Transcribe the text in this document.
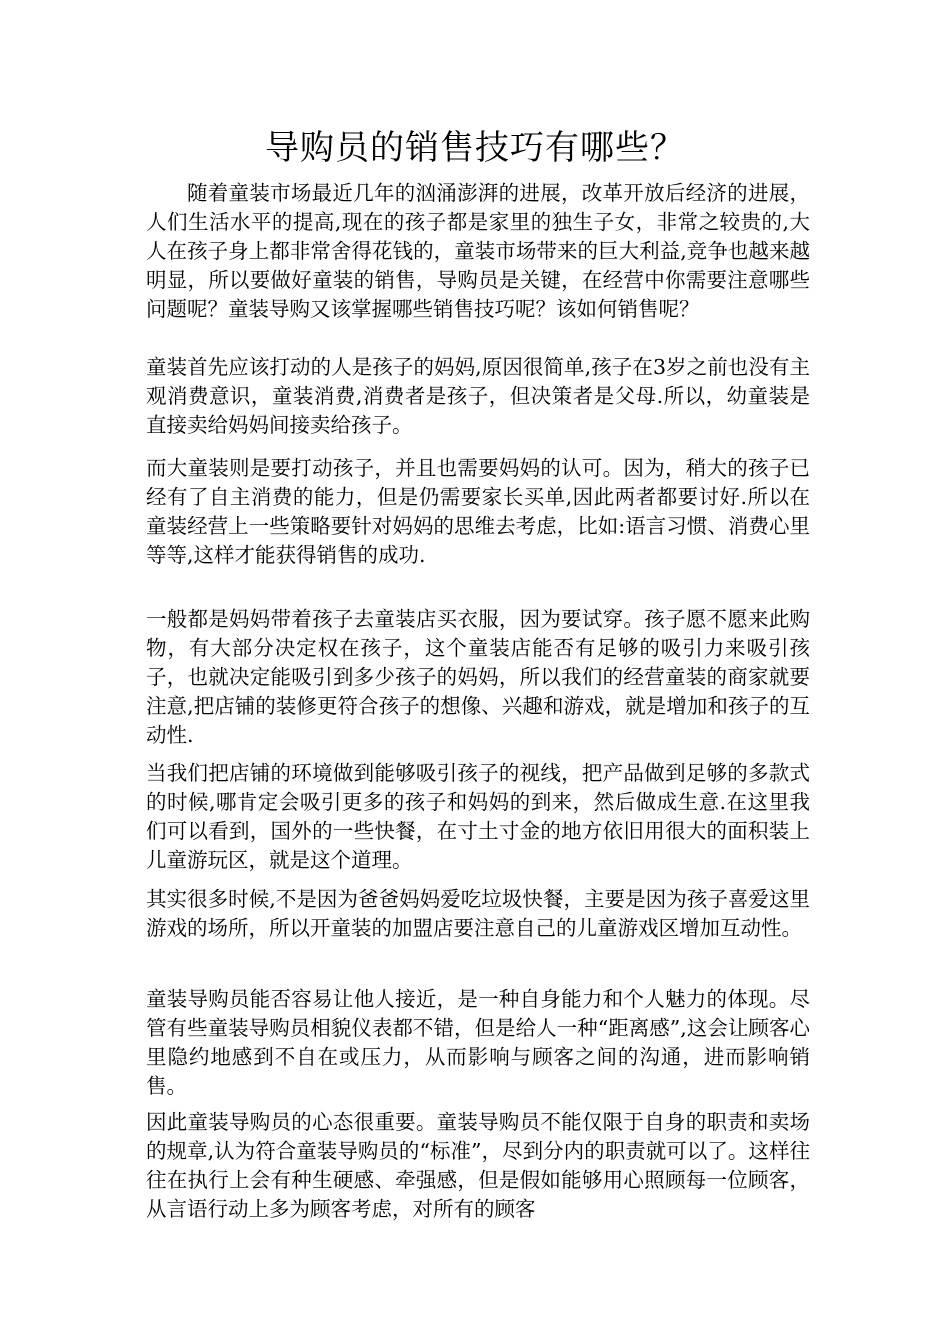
导购员的销售技巧有哪些？

随着童装市场最近几年的汹涌澎湃的进展，改革开放后经济的进展，人们生活水平的提高,现在的孩子都是家里的独生子女，非常之较贵的,大人在孩子身上都非常舍得花钱的，童装市场带来的巨大利益,竞争也越来越明显，所以要做好童装的销售，导购员是关键，在经营中你需要注意哪些问题呢？童装导购又该掌握哪些销售技巧呢？该如何销售呢？

童装首先应该打动的人是孩子的妈妈,原因很简单,孩子在3岁之前也没有主观消费意识，童装消费,消费者是孩子，但决策者是父母.所以，幼童装是直接卖给妈妈间接卖给孩子。

而大童装则是要打动孩子，并且也需要妈妈的认可。因为，稍大的孩子已经有了自主消费的能力，但是仍需要家长买单,因此两者都要讨好.所以在童装经营上一些策略要针对妈妈的思维去考虑，比如:语言习惯、消费心里等等,这样才能获得销售的成功.

一般都是妈妈带着孩子去童装店买衣服，因为要试穿。孩子愿不愿来此购物，有大部分决定权在孩子，这个童装店能否有足够的吸引力来吸引孩子，也就决定能吸引到多少孩子的妈妈，所以我们的经营童装的商家就要注意,把店铺的装修更符合孩子的想像、兴趣和游戏，就是增加和孩子的互动性.

当我们把店铺的环境做到能够吸引孩子的视线，把产品做到足够的多款式的时候,哪肯定会吸引更多的孩子和妈妈的到来，然后做成生意.在这里我们可以看到，国外的一些快餐，在寸土寸金的地方依旧用很大的面积装上儿童游玩区，就是这个道理。

其实很多时候,不是因为爸爸妈妈爱吃垃圾快餐，主要是因为孩子喜爱这里游戏的场所，所以开童装的加盟店要注意自己的儿童游戏区增加互动性。

童装导购员能否容易让他人接近，是一种自身能力和个人魅力的体现。尽管有些童装导购员相貌仪表都不错，但是给人一种“距离感”,这会让顾客心里隐约地感到不自在或压力，从而影响与顾客之间的沟通，进而影响销售。

因此童装导购员的心态很重要。童装导购员不能仅限于自身的职责和卖场的规章,认为符合童装导购员的“标准”，尽到分内的职责就可以了。这样往往在执行上会有种生硬感、牵强感，但是假如能够用心照顾每一位顾客，从言语行动上多为顾客考虑，对所有的顾客
